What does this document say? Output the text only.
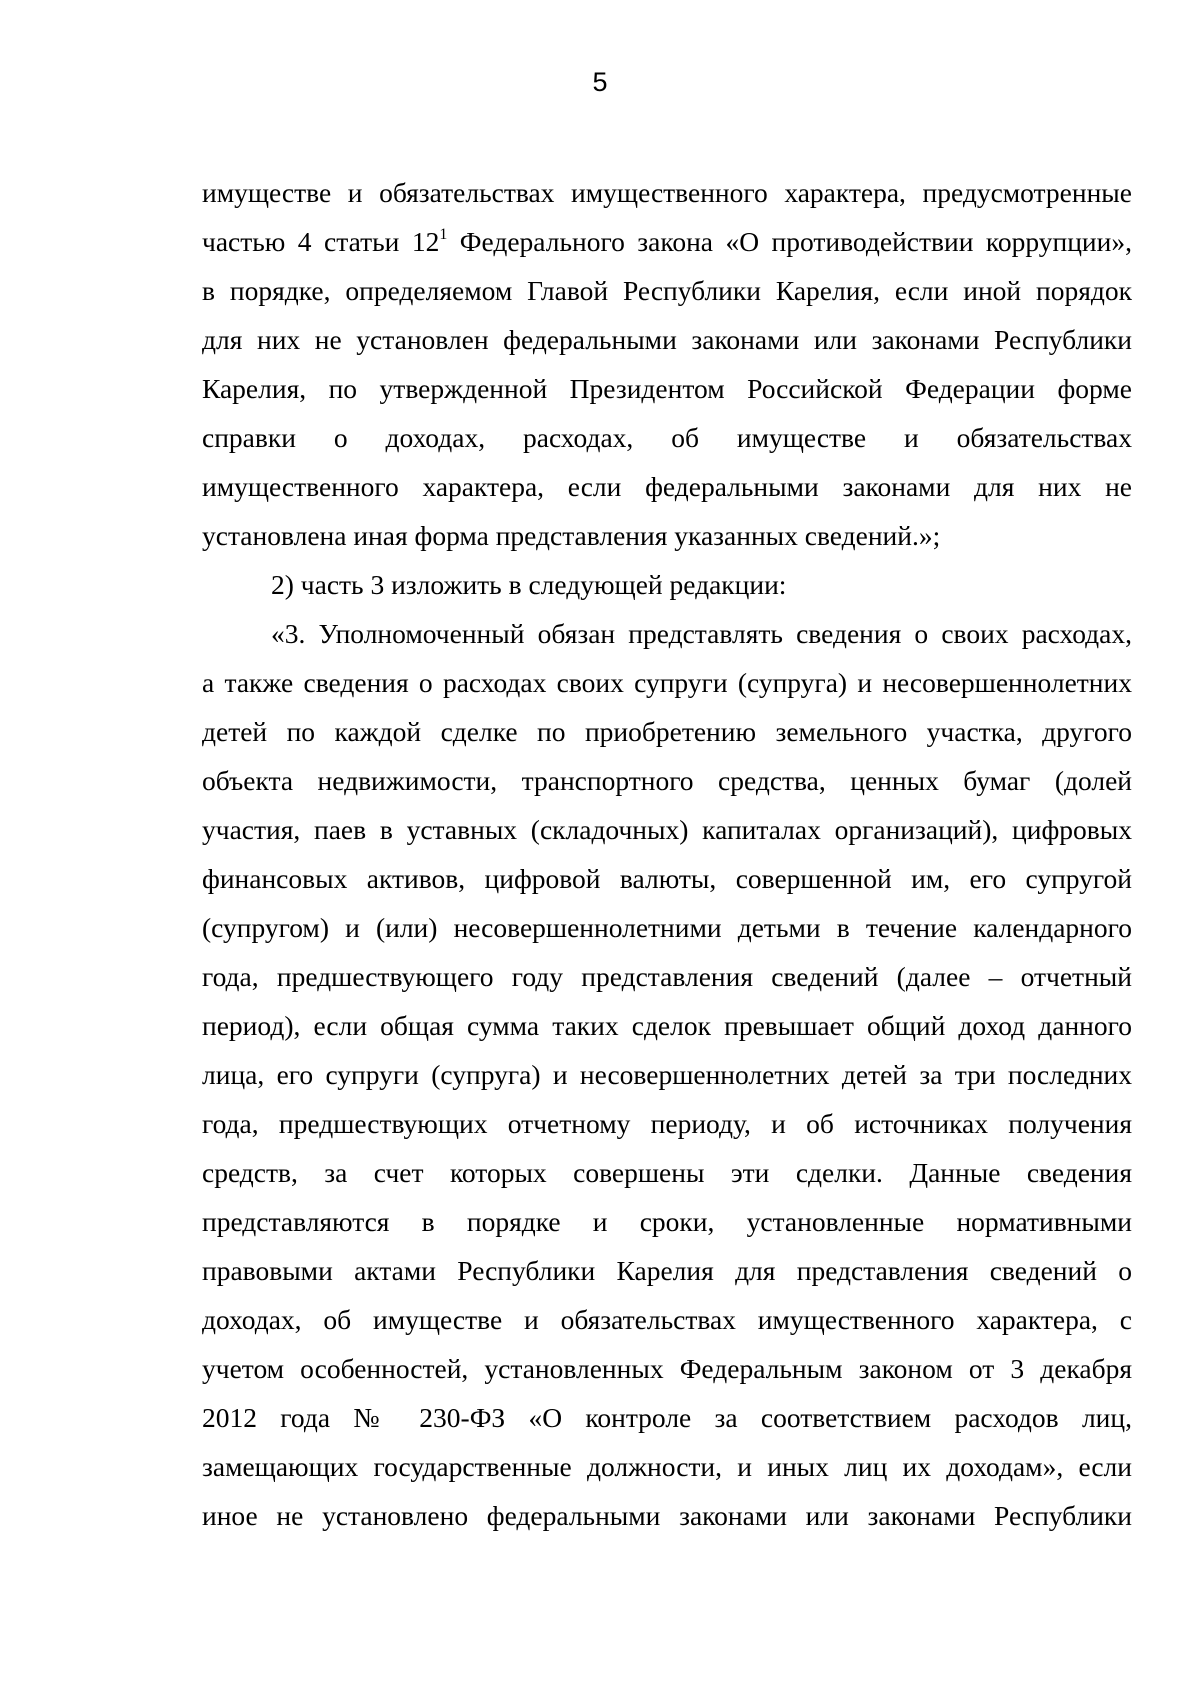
5
имуществе и обязательствах имущественного характера, предусмотренные
частью 4 статьи $12^1$ Федерального закона «О противодействии коррупции»,
в порядке, определяемом Главой Республики Карелия, если иной порядок
для них не установлен федеральными законами или законами Республики
Карелия, по утвержденной Президентом Российской Федерации форме
справки о доходах, расходах, об имуществе и обязательствах
имущественного характера, если федеральными законами для них не
установлена иная форма представления указанных сведений.»;
2) часть 3 изложить в следующей редакции:
«3. Уполномоченный обязан представлять сведения о своих расходах,
а также сведения о расходах своих супруги (супруга) и несовершеннолетних
детей по каждой сделке по приобретению земельного участка, другого
объекта недвижимости, транспортного средства, ценных бумаг (долей
участия, паев в уставных (складочных) капиталах организаций), цифровых
финансовых активов, цифровой валюты, совершенной им, его супругой
(супругом) и (или) несовершеннолетними детьми в течение календарного
года, предшествующего году представления сведений (далее – отчетный
период), если общая сумма таких сделок превышает общий доход данного
лица, его супруги (супруга) и несовершеннолетних детей за три последних
года, предшествующих отчетному периоду, и об источниках получения
средств, за счет которых совершены эти сделки. Данные сведения
представляются в порядке и сроки, установленные нормативными
правовыми актами Республики Карелия для представления сведений о
доходах, об имуществе и обязательствах имущественного характера, с
учетом особенностей, установленных Федеральным законом от 3 декабря
2012 года № 230-ФЗ «О контроле за соответствием расходов лиц,
замещающих государственные должности, и иных лиц их доходам», если
иное не установлено федеральными законами или законами Республики
